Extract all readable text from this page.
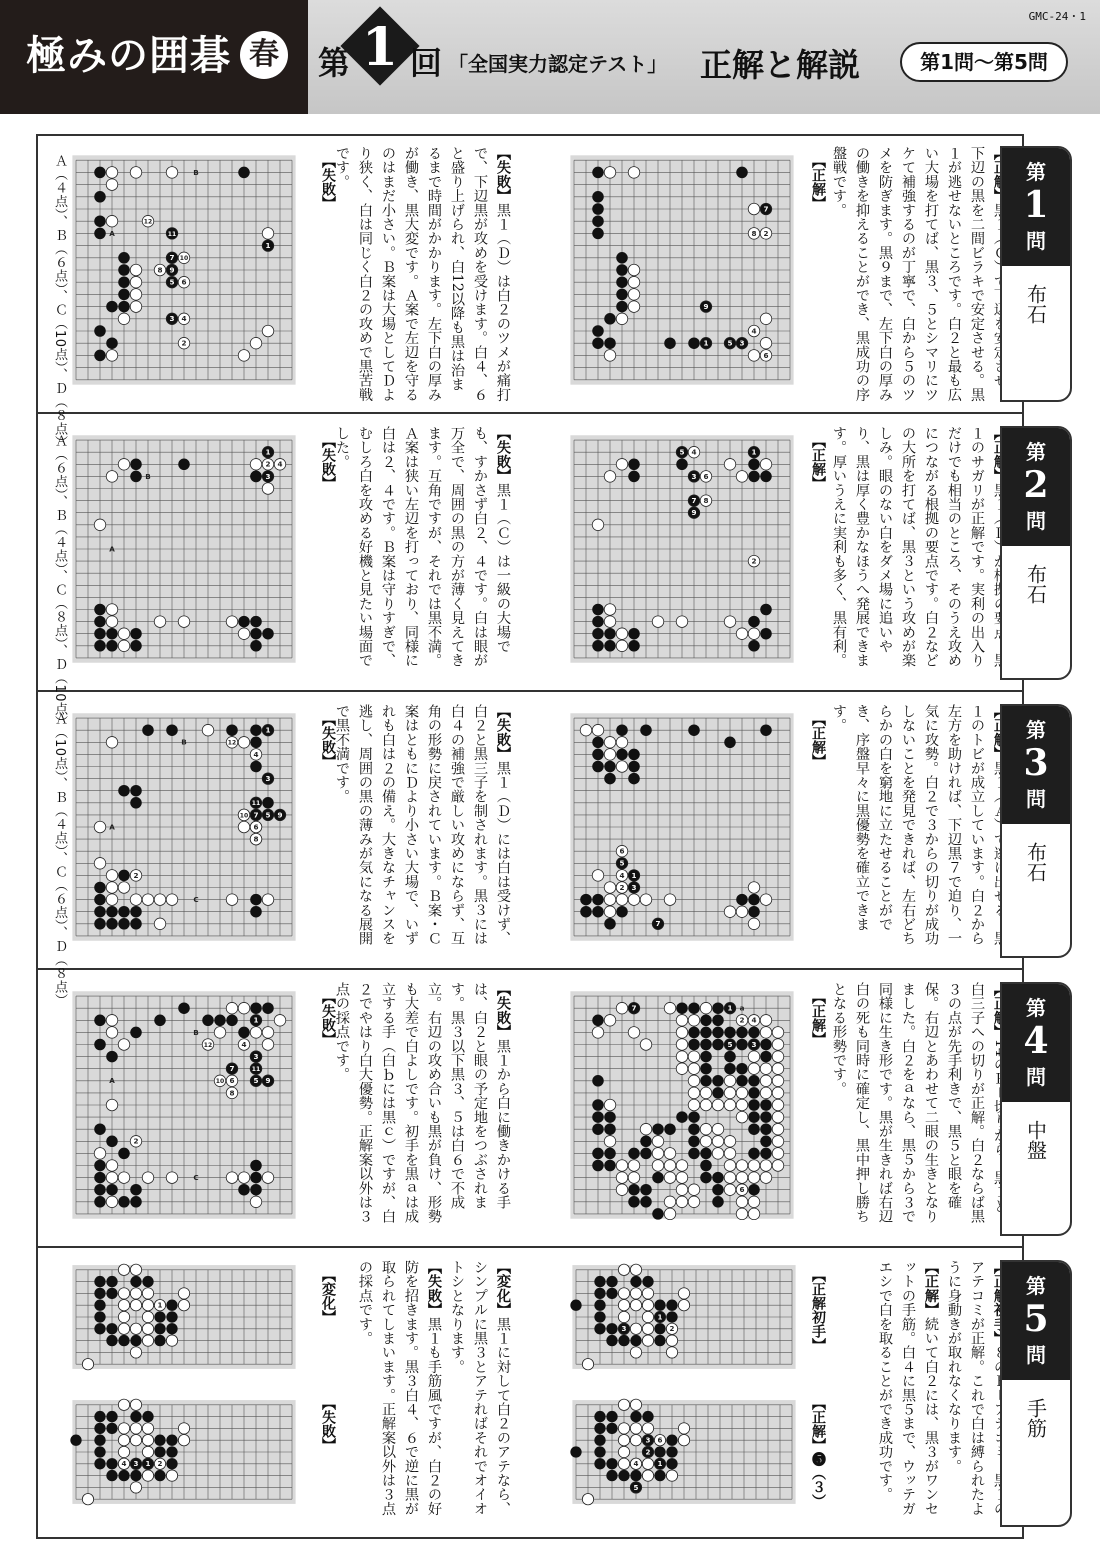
極みの囲碁 春
GMC-24・1
第 1 回 「全国実力認定テスト」 正解と解説	第1問～第5問
下辺の黒を二間ビラキで安定させる。黒１が逃せないところです。白２と最も広い大場を打てば、黒３、５とシマリにツケて補強するのが丁寧で、白から５のツメを防ぎます。黒９まで、左下白の厚みの働きを抑えることができ、黒成功の序盤戦です。
【失敗】黒１（Ｄ）は白２のツメが痛打で、下辺黒が攻めを受けます。白４、６と盛り上げられ、白12以降も黒は治まるまで時間がかかります。左下白の厚みが働き、黒大変です。Ａ案で左辺を守るのはまだ小さい。Ｂ案は大場としてＤより狭く、白は同じく白２の攻めで黒苦戦です。	【正解】
【失敗】
Ａ（４点）、Ｂ（６点）、Ｃ（10点）、Ｄ（８点）	第
1
問
布石
１のサガリが正解です。実利の出入りだけでも相当のところ、そのうえ攻めにつながる根拠の要点です。白２などの大所を打てば、黒３という攻めが楽しみ。眼のない白をダメ場に追いやり、黒は厚く豊かなほうへ発展できます。厚いうえに実利も多く、黒有利。
【失敗】黒１（Ｃ）は一級の大場でも、すかさず白２、４です。白は眼が万全で、周囲の黒の方が薄く見えてきます。互角ですが、それでは黒不満。Ａ案は狭い左辺を打っており、同様に白は２、４です。Ｂ案は守りすぎで、むしろ白を攻める好機と見たい場面でした。	【正解】
【失敗】
Ａ（６点）、Ｂ（４点）、Ｃ（８点）、Ｄ（10点）	第
2
問
布石
１のトビが成立しています。白２から左方を助ければ、下辺黒７で迫り、一気に攻勢。白２で３からの切りが成功しないことを発見できれば、左右どちらかの白を窮地に立たせることができ、序盤早々に黒優勢を確立できます。
【失敗】黒１（Ｄ）には白は受けず、白２と黒三子を制されます。黒３には白４の補強で厳しい攻めにならず、互角の形勢に戻されています。Ｂ案・Ｃ案はともにＤより小さい大場で、いずれも白は２の備え。大きなチャンスを逃し、周囲の黒の薄みが気になる展開で黒不満です。	【正解】
【失敗】
Ａ（10点）、Ｂ（４点）、Ｃ（６点）、Ｄ（８点）	第
3
問
布石
白三子への切りが正解。白２ならば黒３の点が先手利きで、黒５と眼を確保。右辺とあわせて二眼の生きとなりました。白２をａなら、黒５から３で同様に生き形です。黒が生きれば右辺白の死も同時に確定し、黒中押し勝ちとなる形勢です。
【失敗】黒１から白に働きかける手は、白２と眼の予定地をつぶされます。黒３以下黒３、５は白６で不成立。右辺の攻め合いも黒が負け、形勢も大差で白よしです。初手を黒ａは成立する手（白ｂには黒ｃ）ですが、白２でやはり白大優勢。正解案以外は３点の採点です。	【正解】
【失敗】	第
4
問
中盤
アテコミが正解。これで白は縛られたように身動きが取れなくなります。
【正解】続いて白２には、黒３がワンセットの手筋。白４に黒５まで、ウッテガエシで白を取ることができ成功です。
【変化】黒１に対して白２のアテなら、シンプルに黒３とアテればそれでオイオトシとなります。
【失敗】黒１も手筋風ですが、白２の好防を招きます。黒３白４、６で逆に黒が取られてしまいます。正解案以外は３点の採点です。	【正解初手】
【変化】
【正解】❺（３）
【失敗】
第
5
問
手筋
7
9
1	5 3
2
8
4
6
7
9
5
3
11
1
8
10
6
4
2
12
B
A
1
5
3
7
9
4
6
8
2
1
3
2 4
A
B
1
5
3
7
6
4
2
1
3
11
7 5 9
12
4
10
6
8
2
B
C
A
7	1
5	3
2 4
6
a
12	4
8
6
10
1
3
11
7
5 9
2
B
C
A
1
3	2
2
3
1
5
6
4
1
1
3	2
4
